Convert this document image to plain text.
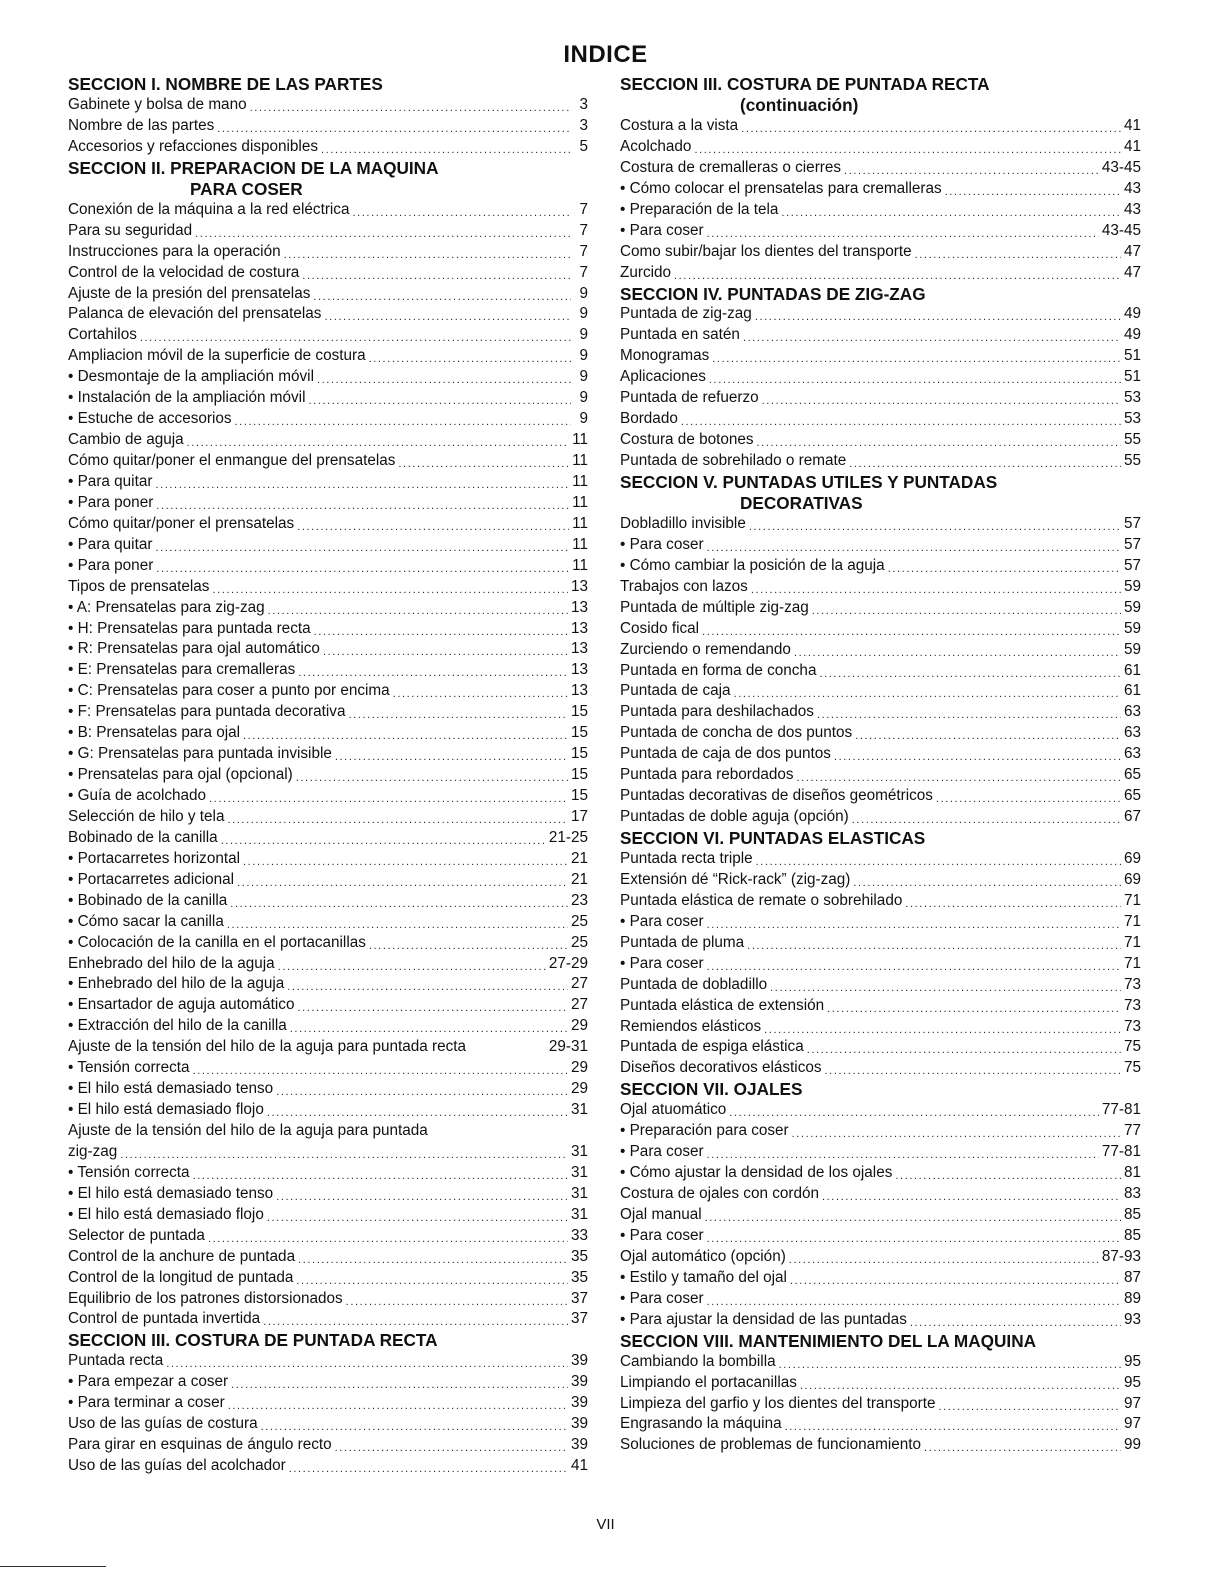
INDICE
SECCION I. NOMBRE DE LAS PARTES
Gabinete y bolsa de mano .....	3
Nombre de las partes .....	3
Accesorios y refacciones disponibles .....	5
SECCION II. PREPARACION DE LA MAQUINA
PARA COSER
Conexión de la máquina a la red eléctrica .....	7
Para su seguridad .....	7
Instrucciones para la operación .....	7
Control de la velocidad de costura .....	7
Ajuste de la presión del prensatelas .....	9
Palanca de elevación del prensatelas .....	9
Cortahilos .....	9
Ampliacion móvil de la superficie de costura .....	9
• Desmontaje de la ampliación móvil .....	9
• Instalación de la ampliación móvil .....	9
• Estuche de accesorios .....	9
Cambio de aguja .....	11
Cómo quitar/poner el enmangue del prensatelas .....	11
• Para quitar .....	11
• Para poner .....	11
Cómo quitar/poner el prensatelas .....	11
• Para quitar .....	11
• Para poner .....	11
Tipos de prensatelas .....	13
• A: Prensatelas para zig-zag .....	13
• H: Prensatelas para puntada recta .....	13
• R: Prensatelas para ojal automático .....	13
• E: Prensatelas para cremalleras .....	13
• C: Prensatelas para coser a punto por encima .....	13
• F: Prensatelas para puntada decorativa .....	15
• B: Prensatelas para ojal .....	15
• G: Prensatelas para puntada invisible .....	15
• Prensatelas para ojal (opcional) .....	15
• Guía de acolchado .....	15
Selección de hilo y tela .....	17
Bobinado de la canilla .....	21-25
• Portacarretes horizontal .....	21
• Portacarretes adicional .....	21
• Bobinado de la canilla .....	23
• Cómo sacar la canilla .....	25
• Colocación de la canilla en el portacanillas .....	25
Enhebrado del hilo de la aguja .....	27-29
• Enhebrado del hilo de la aguja .....	27
• Ensartador de aguja automático .....	27
• Extracción del hilo de la canilla .....	29
Ajuste de la tensión del hilo de la aguja para puntada recta	29-31
• Tensión correcta .....	29
• El hilo está demasiado tenso .....	29
• El hilo está demasiado flojo .....	31
Ajuste de la tensión del hilo de la aguja para puntada
zig-zag .....	31
• Tensión correcta .....	31
• El hilo está demasiado tenso .....	31
• El hilo está demasiado flojo .....	31
Selector de puntada .....	33
Control de la anchure de puntada .....	35
Control de la longitud de puntada .....	35
Equilibrio de los patrones distorsionados .....	37
Control de puntada invertida .....	37
SECCION III. COSTURA DE PUNTADA RECTA
Puntada recta .....	39
• Para empezar a coser .....	39
• Para terminar a coser .....	39
Uso de las guías de costura .....	39
Para girar en esquinas de ángulo recto .....	39
Uso de las guías del acolchador .....	41
SECCION III. COSTURA DE PUNTADA RECTA
(continuación)
Costura a la vista .....	41
Acolchado .....	41
Costura de cremalleras o cierres .....	43-45
• Cómo colocar el prensatelas para cremalleras .....	43
• Preparación de la tela .....	43
• Para coser .....	43-45
Como subir/bajar los dientes del transporte .....	47
Zurcido .....	47
SECCION IV. PUNTADAS DE ZIG-ZAG
Puntada de zig-zag .....	49
Puntada en satén .....	49
Monogramas .....	51
Aplicaciones .....	51
Puntada de refuerzo .....	53
Bordado .....	53
Costura de botones .....	55
Puntada de sobrehilado o remate .....	55
SECCION V. PUNTADAS UTILES Y PUNTADAS
DECORATIVAS
Dobladillo invisible .....	57
• Para coser .....	57
• Cómo cambiar la posición de la aguja .....	57
Trabajos con lazos .....	59
Puntada de múltiple zig-zag .....	59
Cosido fical .....	59
Zurciendo o remendando .....	59
Puntada en forma de concha .....	61
Puntada de caja .....	61
Puntada para deshilachados .....	63
Puntada de concha de dos puntos .....	63
Puntada de caja de dos puntos .....	63
Puntada para rebordados .....	65
Puntadas decorativas de diseños geométricos .....	65
Puntadas de doble aguja (opción) .....	67
SECCION VI. PUNTADAS ELASTICAS
Puntada recta triple .....	69
Extensión dé “Rick-rack” (zig-zag) .....	69
Puntada elástica de remate o sobrehilado .....	71
• Para coser .....	71
Puntada de pluma .....	71
• Para coser .....	71
Puntada de dobladillo .....	73
Puntada elástica de extensión .....	73
Remiendos elásticos .....	73
Puntada de espiga elástica .....	75
Diseños decorativos elásticos .....	75
SECCION VII. OJALES
Ojal atuomático .....	77-81
• Preparación para coser .....	77
• Para coser .....	77-81
• Cómo ajustar la densidad de los ojales .....	81
Costura de ojales con cordón .....	83
Ojal manual .....	85
• Para coser .....	85
Ojal automático (opción) .....	87-93
• Estilo y tamaño del ojal .....	87
• Para coser .....	89
• Para ajustar la densidad de las puntadas .....	93
SECCION VIII. MANTENIMIENTO DEL LA MAQUINA
Cambiando la bombilla .....	95
Limpiando el portacanillas .....	95
Limpieza del garfio y los dientes del transporte .....	97
Engrasando la máquina .....	97
Soluciones de problemas de funcionamiento .....	99
VII
